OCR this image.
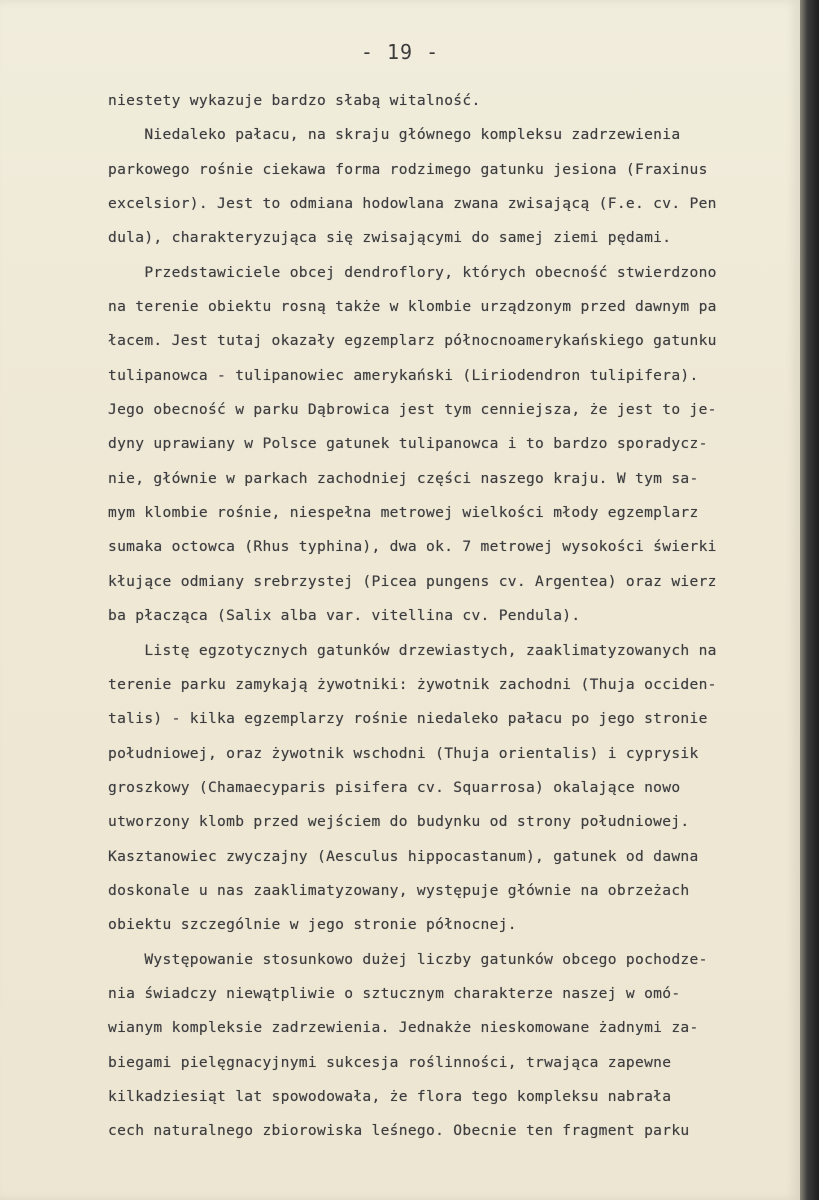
- 19 -
niestety wykazuje bardzo słabą witalność.
Niedaleko pałacu, na skraju głównego kompleksu zadrzewienia
parkowego rośnie ciekawa forma rodzimego gatunku jesiona (Fraxinus
excelsior). Jest to odmiana hodowlana zwana zwisającą (F.e. cv. Pen
dula), charakteryzująca się zwisającymi do samej ziemi pędami.
Przedstawiciele obcej dendroflory, których obecność stwierdzono
na terenie obiektu rosną także w klombie urządzonym przed dawnym pa
łacem. Jest tutaj okazały egzemplarz północnoamerykańskiego gatunku
tulipanowca - tulipanowiec amerykański (Liriodendron tulipifera).
Jego obecność w parku Dąbrowica jest tym cenniejsza, że jest to je-
dyny uprawiany w Polsce gatunek tulipanowca i to bardzo sporadycz-
nie, głównie w parkach zachodniej części naszego kraju. W tym sa-
mym klombie rośnie, niespełna metrowej wielkości młody egzemplarz
sumaka octowca (Rhus typhina), dwa ok. 7 metrowej wysokości świerki
kłujące odmiany srebrzystej (Picea pungens cv. Argentea) oraz wierz
ba płacząca (Salix alba var. vitellina cv. Pendula).
Listę egzotycznych gatunków drzewiastych, zaaklimatyzowanych na
terenie parku zamykają żywotniki: żywotnik zachodni (Thuja occiden-
talis) - kilka egzemplarzy rośnie niedaleko pałacu po jego stronie
południowej, oraz żywotnik wschodni (Thuja orientalis) i cyprysik
groszkowy (Chamaecyparis pisifera cv. Squarrosa) okalające nowo
utworzony klomb przed wejściem do budynku od strony południowej.
Kasztanowiec zwyczajny (Aesculus hippocastanum), gatunek od dawna
doskonale u nas zaaklimatyzowany, występuje głównie na obrzeżach
obiektu szczególnie w jego stronie północnej.
Występowanie stosunkowo dużej liczby gatunków obcego pochodze-
nia świadczy niewątpliwie o sztucznym charakterze naszej w omó-
wianym kompleksie zadrzewienia. Jednakże nieskomowane żadnymi za-
biegami pielęgnacyjnymi sukcesja roślinności, trwająca zapewne
kilkadziesiąt lat spowodowała, że flora tego kompleksu nabrała
cech naturalnego zbiorowiska leśnego. Obecnie ten fragment parku
